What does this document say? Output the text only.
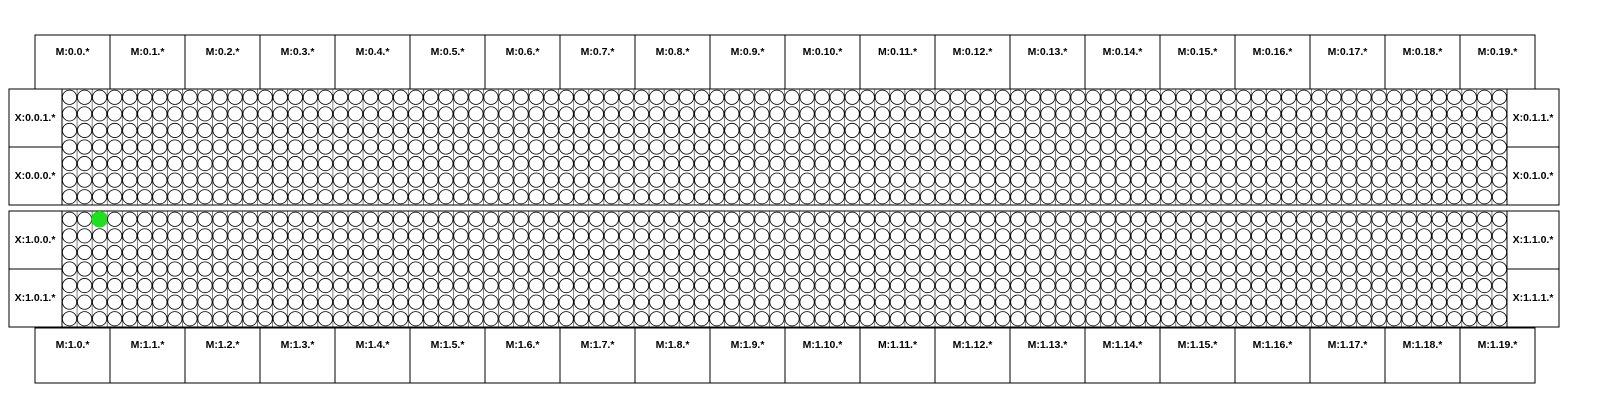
M:0.0.*	M:0.1.*	M:0.2.*	M:0.3.*	M:0.4.*	M:0.5.*	M:0.6.*	M:0.7.*	M:0.8.*	M:0.9.*	M:0.10.*	M:0.11.*	M:0.12.*	M:0.13.*	M:0.14.*	M:0.15.*	M:0.16.*	M:0.17.*	M:0.18.*	M:0.19.*
X:0.0.1.*
X:0.0.0.*
X:0.1.1.*
X:0.1.0.*
X:1.0.0.*
X:1.0.1.*
X:1.1.0.*
X:1.1.1.*
M:1.0.*	M:1.1.*	M:1.2.*	M:1.3.*	M:1.4.*	M:1.5.*	M:1.6.*	M:1.7.*	M:1.8.*	M:1.9.*	M:1.10.*	M:1.11.*	M:1.12.*	M:1.13.*	M:1.14.*	M:1.15.*	M:1.16.*	M:1.17.*	M:1.18.*	M:1.19.*
